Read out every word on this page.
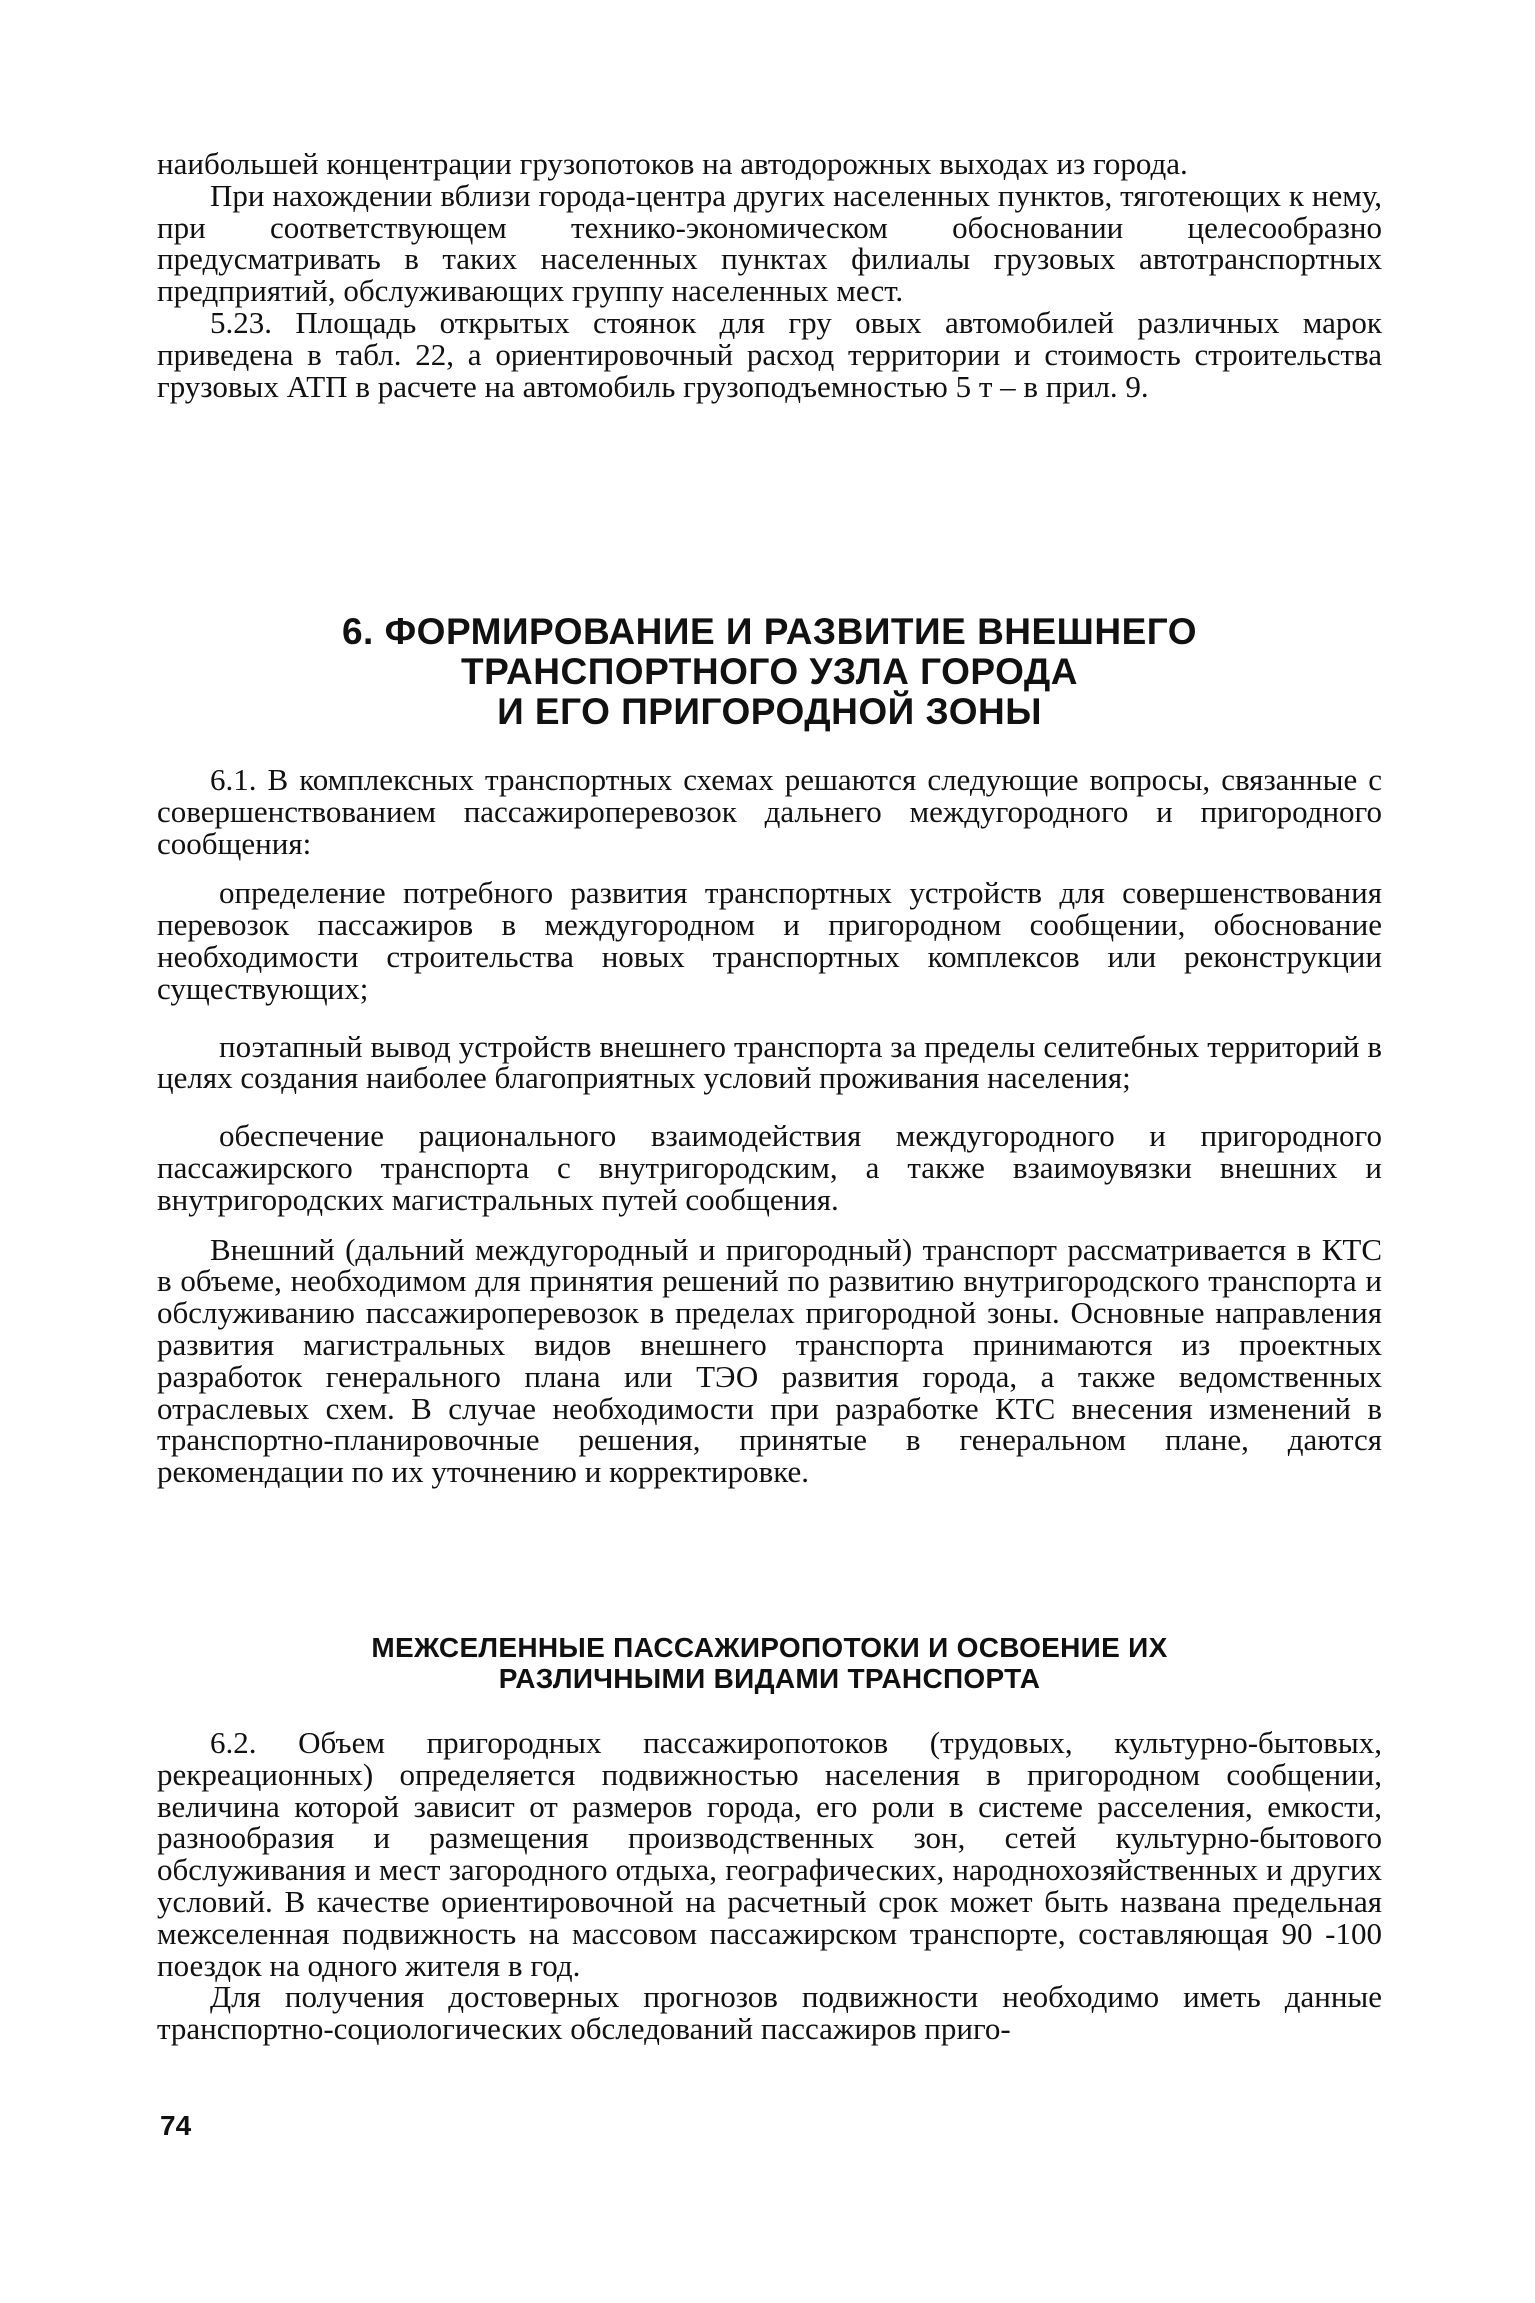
наибольшей концентрации грузопотоков на автодорожных выходах из города.

При нахождении вблизи города-центра других населенных пунктов, тяготеющих к нему, при соответствующем технико-экономическом обосновании целесообразно предусматривать в таких населенных пунктах филиалы грузовых автотранспортных предприятий, обслуживающих группу населенных мест.

5.23. Площадь открытых стоянок для гру овых автомобилей различных марок приведена в табл. 22, а ориентировочный расход территории и стоимость строительства грузовых АТП в расчете на автомобиль грузоподъемностью 5 т – в прил. 9.

6. ФОРМИРОВАНИЕ И РАЗВИТИЕ ВНЕШНЕГО
ТРАНСПОРТНОГО УЗЛА ГОРОДА
И ЕГО ПРИГОРОДНОЙ ЗОНЫ

6.1. В комплексных транспортных схемах решаются следующие вопросы, связанные с совершенствованием пассажироперевозок дальнего междугородного и пригородного сообщения:

определение потребного развития транспортных устройств для совершенствования перевозок пассажиров в междугородном и пригородном сообщении, обоснование необходимости строительства новых транспортных комплексов или реконструкции существующих;

поэтапный вывод устройств внешнего транспорта за пределы селитебных территорий в целях создания наиболее благоприятных условий проживания населения;

обеспечение рационального взаимодействия междугородного и пригородного пассажирского транспорта с внутригородским, а также взаимоувязки внешних и внутригородских магистральных путей сообщения.

Внешний (дальний междугородный и пригородный) транспорт рассматривается в КТС в объеме, необходимом для принятия решений по развитию внутригородского транспорта и обслуживанию пассажироперевозок в пределах пригородной зоны. Основные направления развития магистральных видов внешнего транспорта принимаются из проектных разработок генерального плана или ТЭО развития города, а также ведомственных отраслевых схем. В случае необходимости при разработке КТС внесения изменений в транспортно-планировочные решения, принятые в генеральном плане, даются рекомендации по их уточнению и корректировке.

МЕЖСЕЛЕННЫЕ ПАССАЖИРОПОТОКИ И ОСВОЕНИЕ ИХ
РАЗЛИЧНЫМИ ВИДАМИ ТРАНСПОРТА

6.2. Объем пригородных пассажиропотоков (трудовых, культурно-бытовых, рекреационных) определяется подвижностью населения в пригородном сообщении, величина которой зависит от размеров города, его роли в системе расселения, емкости, разнообразия и размещения производственных зон, сетей культурно-бытового обслуживания и мест загородного отдыха, географических, народнохозяйственных и других условий. В качестве ориентировочной на расчетный срок может быть названа предельная межселенная подвижность на массовом пассажирском транспорте, составляющая 90 -100 поездок на одного жителя в год.

Для получения достоверных прогнозов подвижности необходимо иметь данные транспортно-социологических обследований пассажиров приго-

74
